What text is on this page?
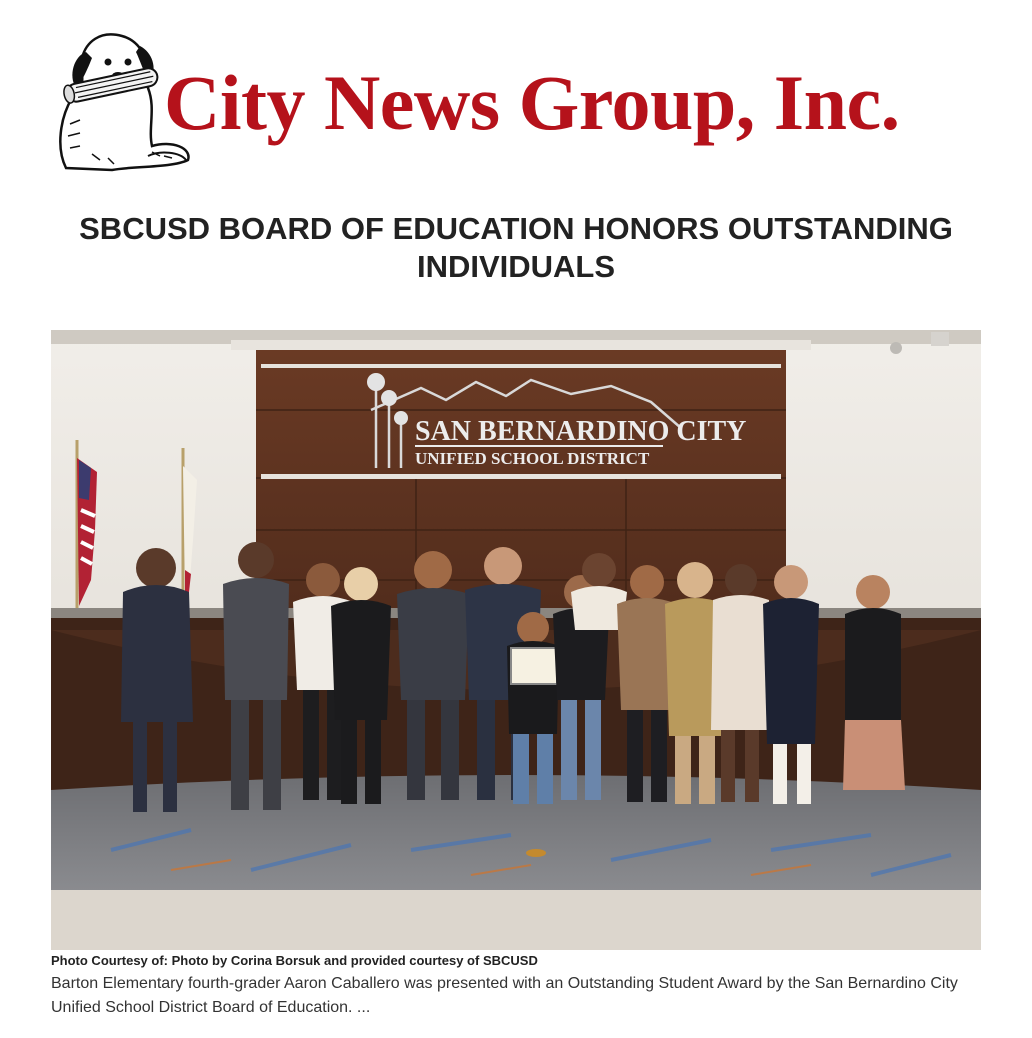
City News Group, Inc.
SBCUSD BOARD OF EDUCATION HONORS OUTSTANDING INDIVIDUALS
SAN BERNARDINO CITY
UNIFIED SCHOOL DISTRICT
Photo Courtesy of: Photo by Corina Borsuk and provided courtesy of SBCUSD

Barton Elementary fourth-grader Aaron Caballero was presented with an Outstanding Student Award by the San Bernardino City Unified School District Board of Education. ...
